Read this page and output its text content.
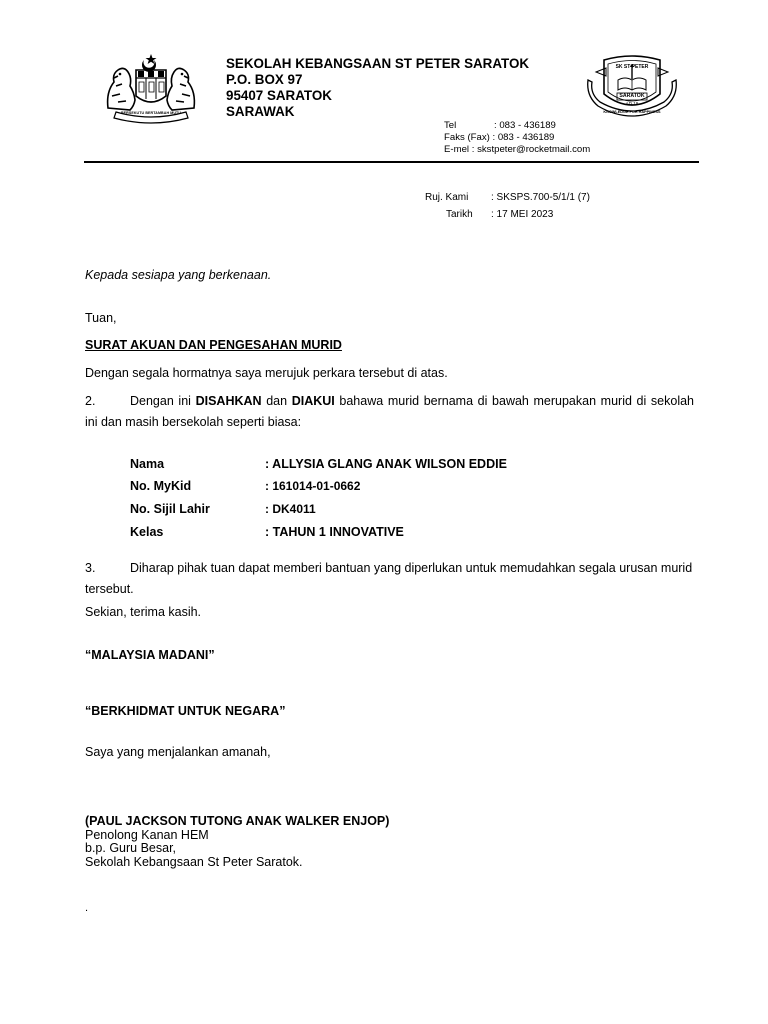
BERSEKUTU BERTAMBAH MUTU
SEKOLAH KEBANGSAAN ST PETER SARATOK
P.O. BOX 97
95407 SARATOK
SARAWAK
SK ST PETER
SARATOK
AD 19
KNOWLEDGE FOR HAPPINESS
Tel	: 083 - 436189
Faks (Fax) : 083 - 436189
E-mel : skstpeter@rocketmail.com
Ruj. Kami : SKSPS.700-5/1/1 (7)
Tarikh : 17 MEI 2023
Kepada sesiapa yang berkenaan.
Tuan,
SURAT AKUAN DAN PENGESAHAN MURID
Dengan segala hormatnya saya merujuk perkara tersebut di atas.
2.	Dengan ini DISAHKAN dan DIAKUI bahawa murid bernama di bawah merupakan murid di sekolah ini dan masih bersekolah seperti biasa:
Nama	: ALLYSIA GLANG ANAK WILSON EDDIE
No. MyKid	: 161014-01-0662
No. Sijil Lahir	: DK4011
Kelas	: TAHUN 1 INNOVATIVE
3.	Diharap pihak tuan dapat memberi bantuan yang diperlukan untuk memudahkan segala urusan murid tersebut.
Sekian, terima kasih.
“MALAYSIA MADANI”
“BERKHIDMAT UNTUK NEGARA”
Saya yang menjalankan amanah,
(PAUL JACKSON TUTONG ANAK WALKER ENJOP)
Penolong Kanan HEM
b.p. Guru Besar,
Sekolah Kebangsaan St Peter Saratok.
.
